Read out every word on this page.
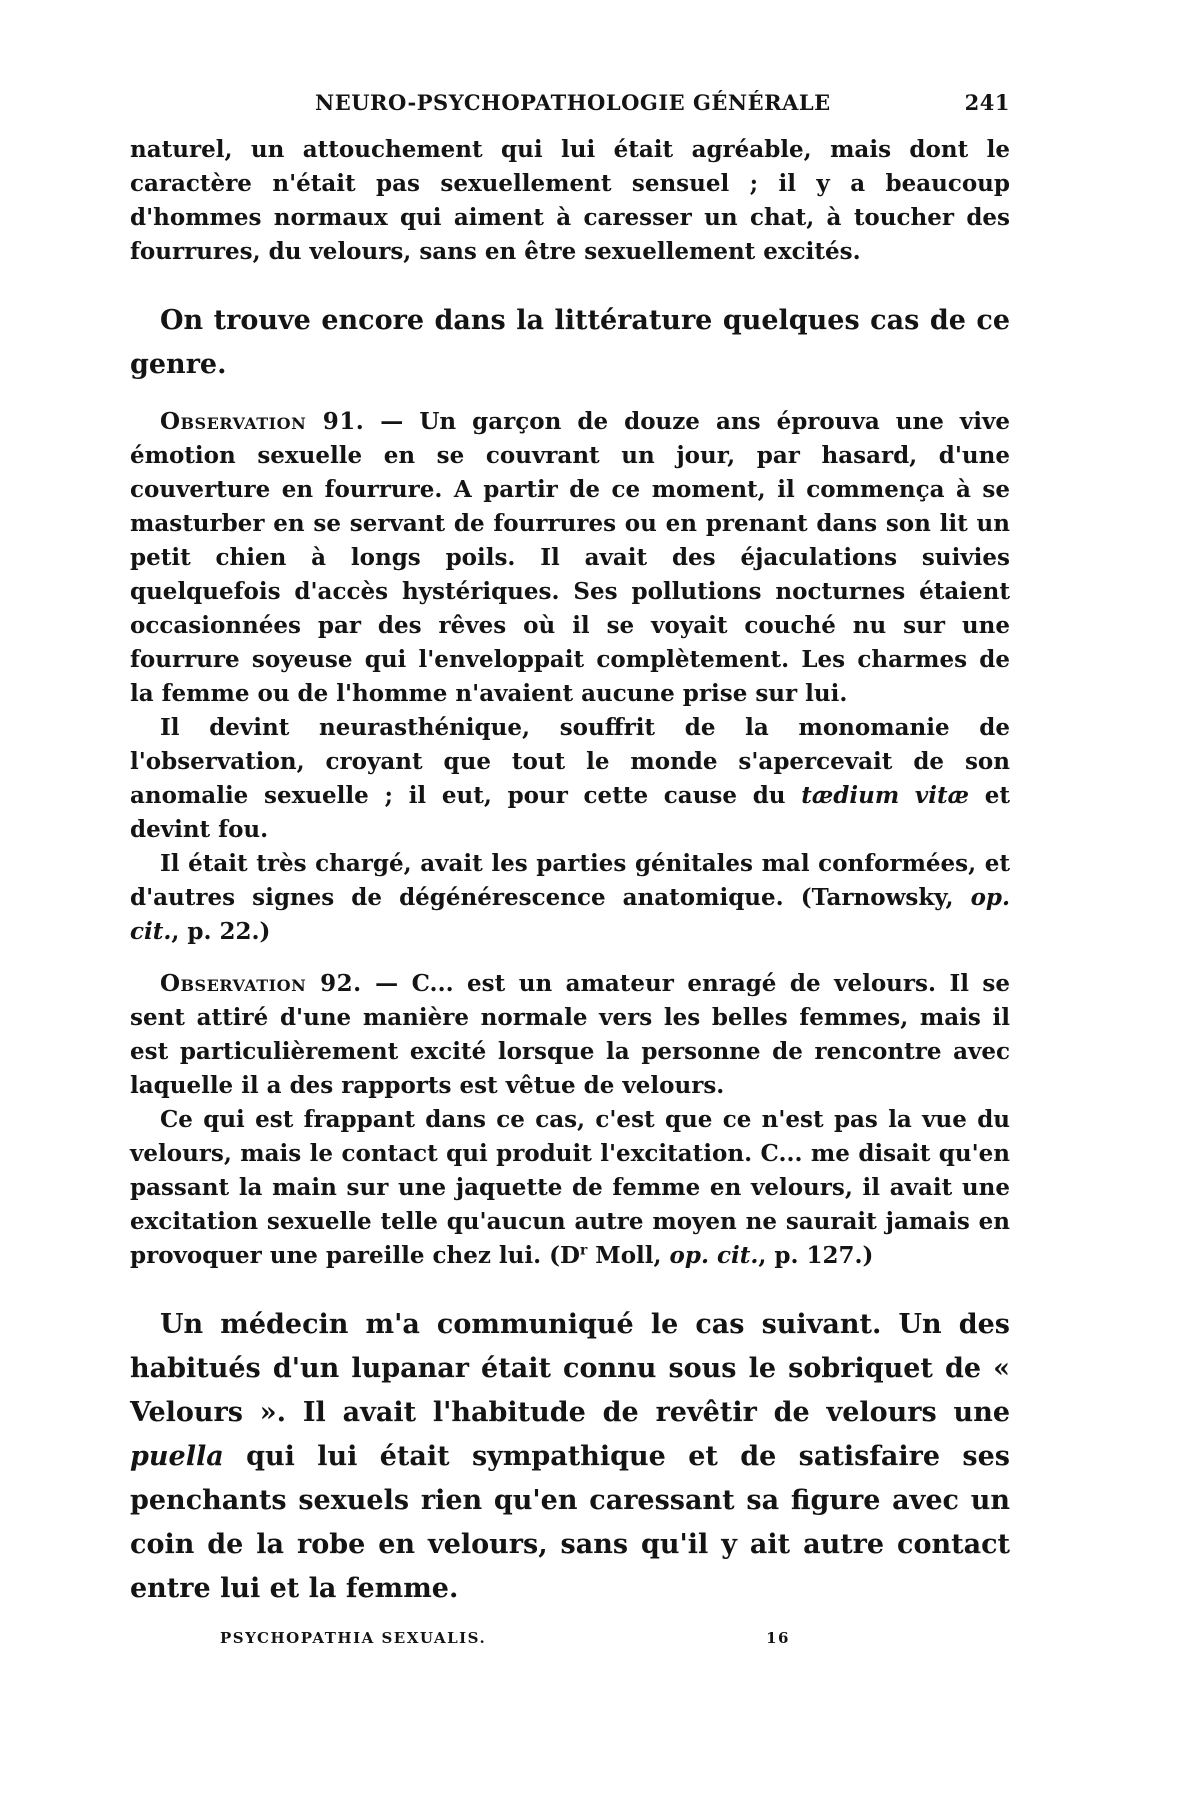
NEURO-PSYCHOPATHOLOGIE GÉNÉRALE	241

naturel, un attouchement qui lui était agréable, mais dont le caractère n'était pas sexuellement sensuel ; il y a beaucoup d'hommes normaux qui aiment à caresser un chat, à toucher des fourrures, du velours, sans en être sexuellement excités.

On trouve encore dans la littérature quelques cas de ce genre.

Observation 91. — Un garçon de douze ans éprouva une vive émotion sexuelle en se couvrant un jour, par hasard, d'une couverture en fourrure. A partir de ce moment, il commença à se masturber en se servant de fourrures ou en prenant dans son lit un petit chien à longs poils. Il avait des éjaculations suivies quelquefois d'accès hystériques. Ses pollutions nocturnes étaient occasionnées par des rêves où il se voyait couché nu sur une fourrure soyeuse qui l'enveloppait complètement. Les charmes de la femme ou de l'homme n'avaient aucune prise sur lui.

Il devint neurasthénique, souffrit de la monomanie de l'observation, croyant que tout le monde s'apercevait de son anomalie sexuelle ; il eut, pour cette cause du tædium vitæ et devint fou.

Il était très chargé, avait les parties génitales mal conformées, et d'autres signes de dégénérescence anatomique. (Tarnowsky, op. cit., p. 22.)

Observation 92. — C... est un amateur enragé de velours. Il se sent attiré d'une manière normale vers les belles femmes, mais il est particulièrement excité lorsque la personne de rencontre avec laquelle il a des rapports est vêtue de velours.

Ce qui est frappant dans ce cas, c'est que ce n'est pas la vue du velours, mais le contact qui produit l'excitation. C... me disait qu'en passant la main sur une jaquette de femme en velours, il avait une excitation sexuelle telle qu'aucun autre moyen ne saurait jamais en provoquer une pareille chez lui. ($D^r$ Moll, op. cit., p. 127.)

Un médecin m'a communiqué le cas suivant. Un des habitués d'un lupanar était connu sous le sobriquet de « Velours ». Il avait l'habitude de revêtir de velours une puella qui lui était sympathique et de satisfaire ses penchants sexuels rien qu'en caressant sa figure avec un coin de la robe en velours, sans qu'il y ait autre contact entre lui et la femme.

PSYCHOPATHIA SEXUALIS.	16
